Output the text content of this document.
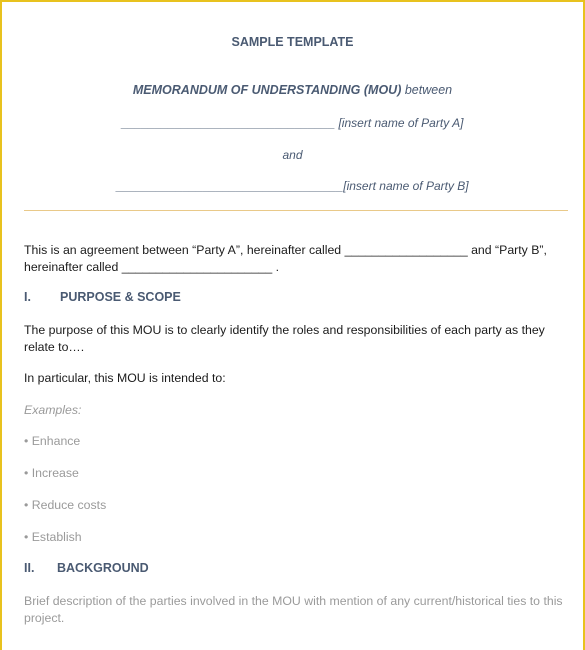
SAMPLE TEMPLATE
MEMORANDUM OF UNDERSTANDING (MOU) between
________________________________ [insert name of Party A]
and
__________________________________[insert name of Party B]
This is an agreement between “Party A”, hereinafter called __________________ and “Party B”, hereinafter called ______________________ .
I. PURPOSE & SCOPE
The purpose of this MOU is to clearly identify the roles and responsibilities of each party as they relate to….
In particular, this MOU is intended to:
Examples:
• Enhance
• Increase
• Reduce costs
• Establish
II. BACKGROUND
Brief description of the parties involved in the MOU with mention of any current/historical ties to this project.
